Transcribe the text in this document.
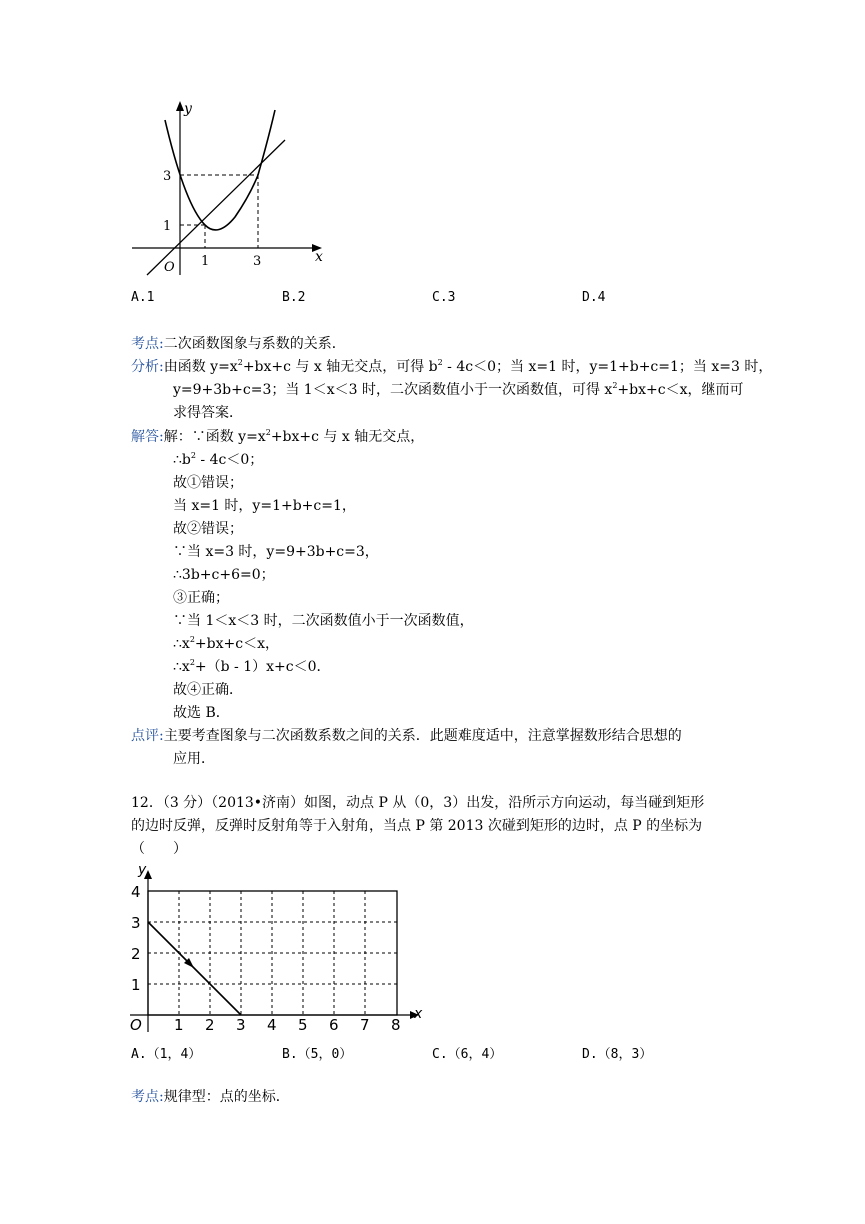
y
x
O
3
1
1	3
A.1	B.2	C.3	D.4
考点:二次函数图象与系数的关系．
分析:由函数 $y=x^2+bx+c$ 与 x 轴无交点，可得 $b^2 - 4c<0$；当 x=1 时，y=1+b+c=1；当 x=3 时，
y=9+3b+c=3；当 1＜x＜3 时，二次函数值小于一次函数值，可得 $x^2+bx+c<x$，继而可
求得答案．
解答:解：∵函数 $y=x^2+bx+c$ 与 x 轴无交点，
$\therefore b^2 - 4c<0$；
故①错误；
当 x=1 时，y=1+b+c=1，
故②错误；
∵当 x=3 时，y=9+3b+c=3，
∴3b+c+6=0；
③正确；
∵当 1＜x＜3 时，二次函数值小于一次函数值，
$\therefore x^2+bx+c<x$，
$\therefore x^2+(b - 1)x+c<0$．
故④正确．
故选 B．
点评:主要考查图象与二次函数系数之间的关系．此题难度适中，注意掌握数形结合思想的
应用．
12．（3 分）（2013•济南）如图，动点 P 从（0，3）出发，沿所示方向运动，每当碰到矩形
的边时反弹，反弹时反射角等于入射角，当点 P 第 2013 次碰到矩形的边时，点 P 的坐标为
（　　）
y
x
O
4
3
2
1
1 2 3 4 5 6 7 8
A.（1，4）	B.（5，0）	C.（6，4）	D.（8，3）
考点:规律型：点的坐标．
